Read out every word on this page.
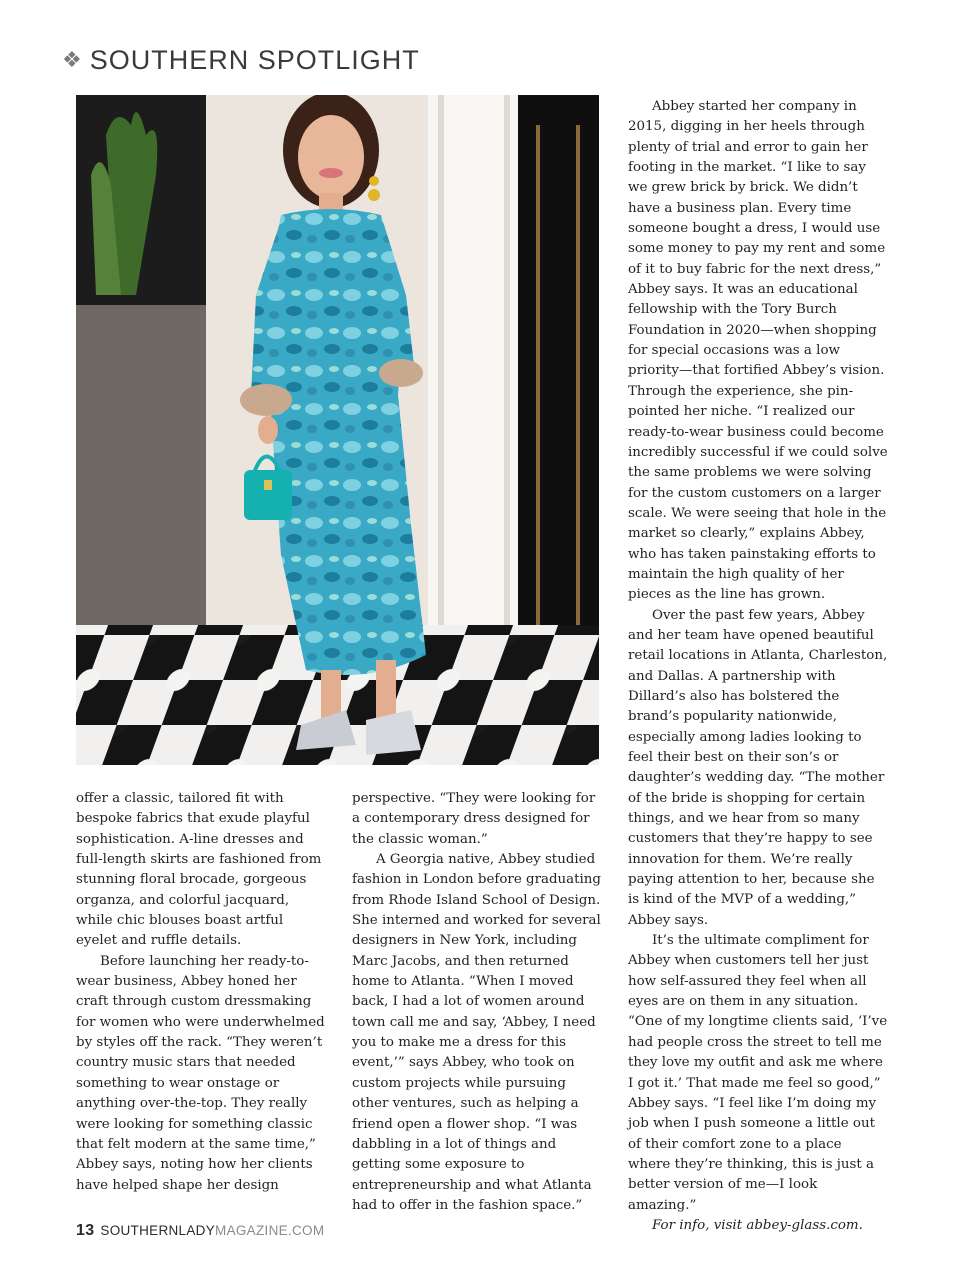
❖ SOUTHERN SPOTLIGHT

offer a classic, tailored fit with bespoke fabrics that exude playful sophistication. A-line dresses and full-length skirts are fashioned from stunning floral brocade, gorgeous organza, and colorful jacquard, while chic blouses boast artful eyelet and ruffle details.

Before launching her ready-to-wear business, Abbey honed her craft through custom dressmaking for women who were underwhelmed by styles off the rack. “They weren’t country music stars that needed something to wear onstage or anything over-the-top. They really were looking for something classic that felt modern at the same time,” Abbey says, noting how her clients have helped shape her design

perspective. “They were looking for a contemporary dress designed for the classic woman.”

A Georgia native, Abbey studied fashion in London before graduating from Rhode Island School of Design. She interned and worked for several designers in New York, including Marc Jacobs, and then returned home to Atlanta. “When I moved back, I had a lot of women around town call me and say, ‘Abbey, I need you to make me a dress for this event,’” says Abbey, who took on custom projects while pursuing other ventures, such as helping a friend open a flower shop. “I was dabbling in a lot of things and getting some exposure to entrepreneurship and what Atlanta had to offer in the fashion space.”

Abbey started her company in 2015, digging in her heels through plenty of trial and error to gain her footing in the market. “I like to say we grew brick by brick. We didn’t have a business plan. Every time someone bought a dress, I would use some money to pay my rent and some of it to buy fabric for the next dress,” Abbey says. It was an educational fellowship with the Tory Burch Foundation in 2020—when shopping for special occasions was a low priority—that fortified Abbey’s vision. Through the experience, she pin-pointed her niche. “I realized our ready-to-wear business could become incredibly successful if we could solve the same problems we were solving for the custom customers on a larger scale. We were seeing that hole in the market so clearly,” explains Abbey, who has taken painstaking efforts to maintain the high quality of her pieces as the line has grown.

Over the past few years, Abbey and her team have opened beautiful retail locations in Atlanta, Charleston, and Dallas. A partnership with Dillard’s also has bolstered the brand’s popularity nationwide, especially among ladies looking to feel their best on their son’s or daughter’s wedding day. “The mother of the bride is shopping for certain things, and we hear from so many customers that they’re happy to see innovation for them. We’re really paying attention to her, because she is kind of the MVP of a wedding,” Abbey says.

It’s the ultimate compliment for Abbey when customers tell her just how self-assured they feel when all eyes are on them in any situation. “One of my longtime clients said, ‘I’ve had people cross the street to tell me they love my outfit and ask me where I got it.’ That made me feel so good,” Abbey says. “I feel like I’m doing my job when I push someone a little out of their comfort zone to a place where they’re thinking, this is just a better version of me—I look amazing.”

For info, visit abbey-glass.com.

13 SOUTHERNLADYMAGAZINE.COM
